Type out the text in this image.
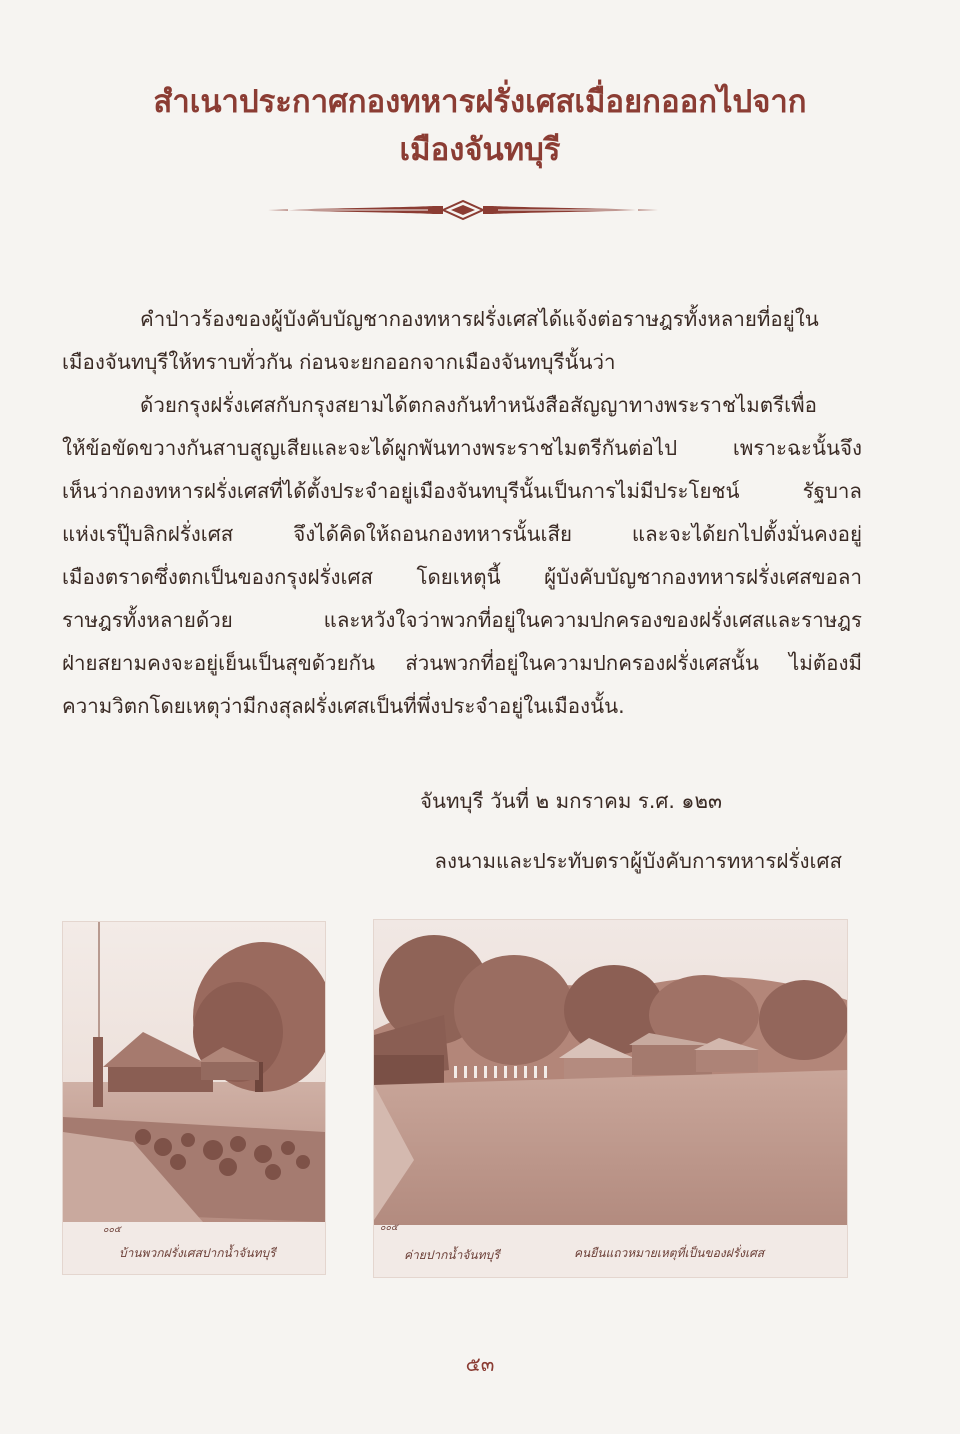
สำเนาประกาศกองทหารฝรั่งเศสเมื่อยกออกไปจาก
เมืองจันทบุรี
คำป่าวร้องของผู้บังคับบัญชากองทหารฝรั่งเศสได้แจ้งต่อราษฎรทั้งหลายที่อยู่ใน
เมืองจันทบุรีให้ทราบทั่วกัน ก่อนจะยกออกจากเมืองจันทบุรีนั้นว่า
ด้วยกรุงฝรั่งเศสกับกรุงสยามได้ตกลงกันทำหนังสือสัญญาทางพระราชไมตรีเพื่อ
ให้ข้อขัดขวางกันสาบสูญเสียและจะได้ผูกพันทางพระราชไมตรีกันต่อไป เพราะฉะนั้นจึง
เห็นว่ากองทหารฝรั่งเศสที่ได้ตั้งประจำอยู่เมืองจันทบุรีนั้นเป็นการไม่มีประโยชน์ รัฐบาล
แห่งเรปุ๊บลิกฝรั่งเศส จึงได้คิดให้ถอนกองทหารนั้นเสีย และจะได้ยกไปตั้งมั่นคงอยู่
เมืองตราดซึ่งตกเป็นของกรุงฝรั่งเศส โดยเหตุนี้ ผู้บังคับบัญชากองทหารฝรั่งเศสขอลา
ราษฎรทั้งหลายด้วย และหวังใจว่าพวกที่อยู่ในความปกครองของฝรั่งเศสและราษฎร
ฝ่ายสยามคงจะอยู่เย็นเป็นสุขด้วยกัน ส่วนพวกที่อยู่ในความปกครองฝรั่งเศสนั้น ไม่ต้องมี
ความวิตกโดยเหตุว่ามีกงสุลฝรั่งเศสเป็นที่พึ่งประจำอยู่ในเมืองนั้น.
จันทบุรี วันที่ ๒ มกราคม ร.ศ. ๑๒๓
ลงนามและประทับตราผู้บังคับการทหารฝรั่งเศส
๐๐๕
บ้านพวกฝรั่งเศสปากน้ำจันทบุรี
๐๐๕
ค่ายปากน้ำจันทบุรี	คนยืนแถวหมายเหตุที่เป็นของฝรั่งเศส
๕๓
